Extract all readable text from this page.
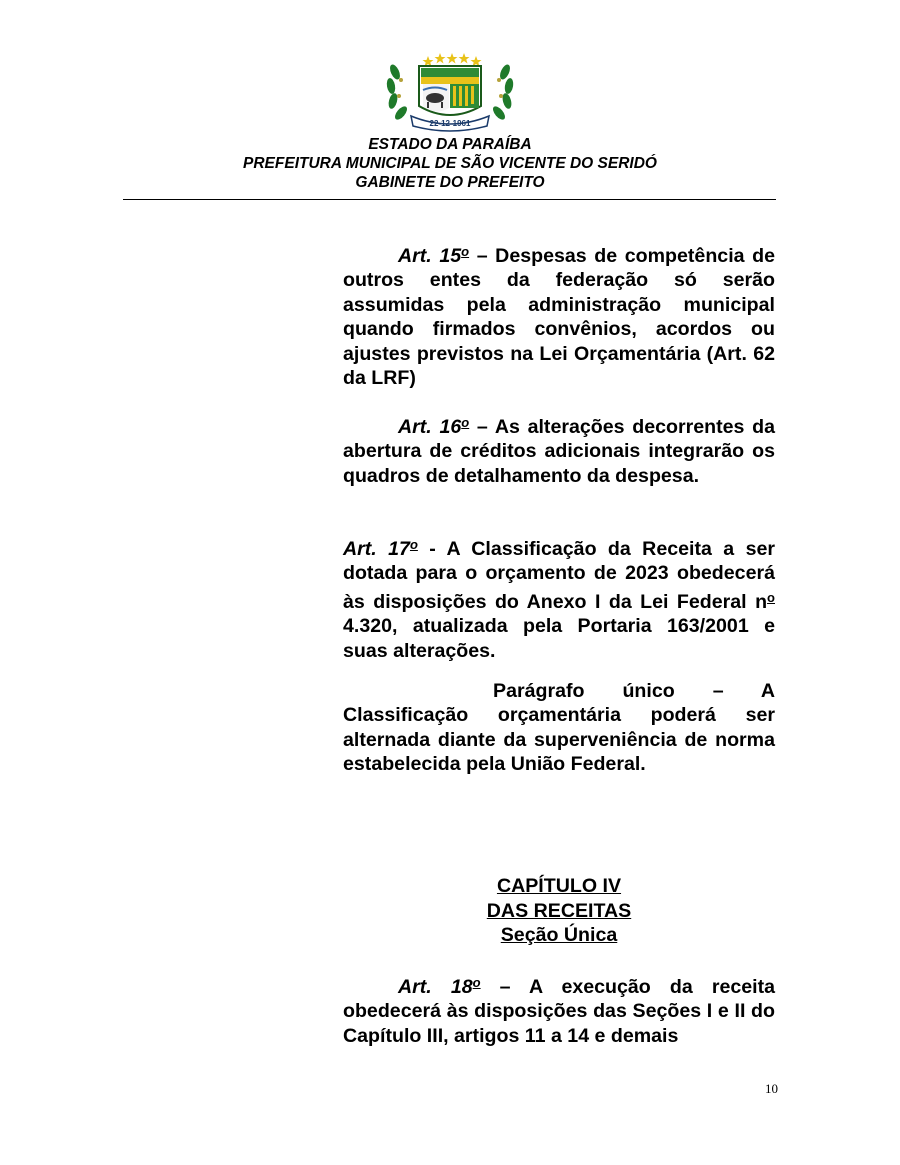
22-12-1961
ESTADO DA PARAÍBA
PREFEITURA MUNICIPAL DE SÃO VICENTE DO SERIDÓ
GABINETE DO PREFEITO

Art. 15$^o$ – Despesas de competência de outros entes da federação só serão assumidas pela administração municipal quando firmados convênios, acordos ou ajustes previstos na Lei Orçamentária (Art. 62 da LRF)

Art. 16$^o$ – As alterações decorrentes da abertura de créditos adicionais integrarão os quadros de detalhamento da despesa.

Art. 17$^o$ - A Classificação da Receita a ser dotada para o orçamento de 2023 obedecerá às disposições do Anexo I da Lei Federal $n^o$ 4.320, atualizada pela Portaria 163/2001 e suas alterações.

Parágrafo único – A Classificação orçamentária poderá ser alternada diante da superveniência de norma estabelecida pela União Federal.

CAPÍTULO IV
DAS RECEITAS
Seção Única

Art. 18$^o$ – A execução da receita obedecerá às disposições das Seções I e II do Capítulo III, artigos 11 a 14 e demais

10
